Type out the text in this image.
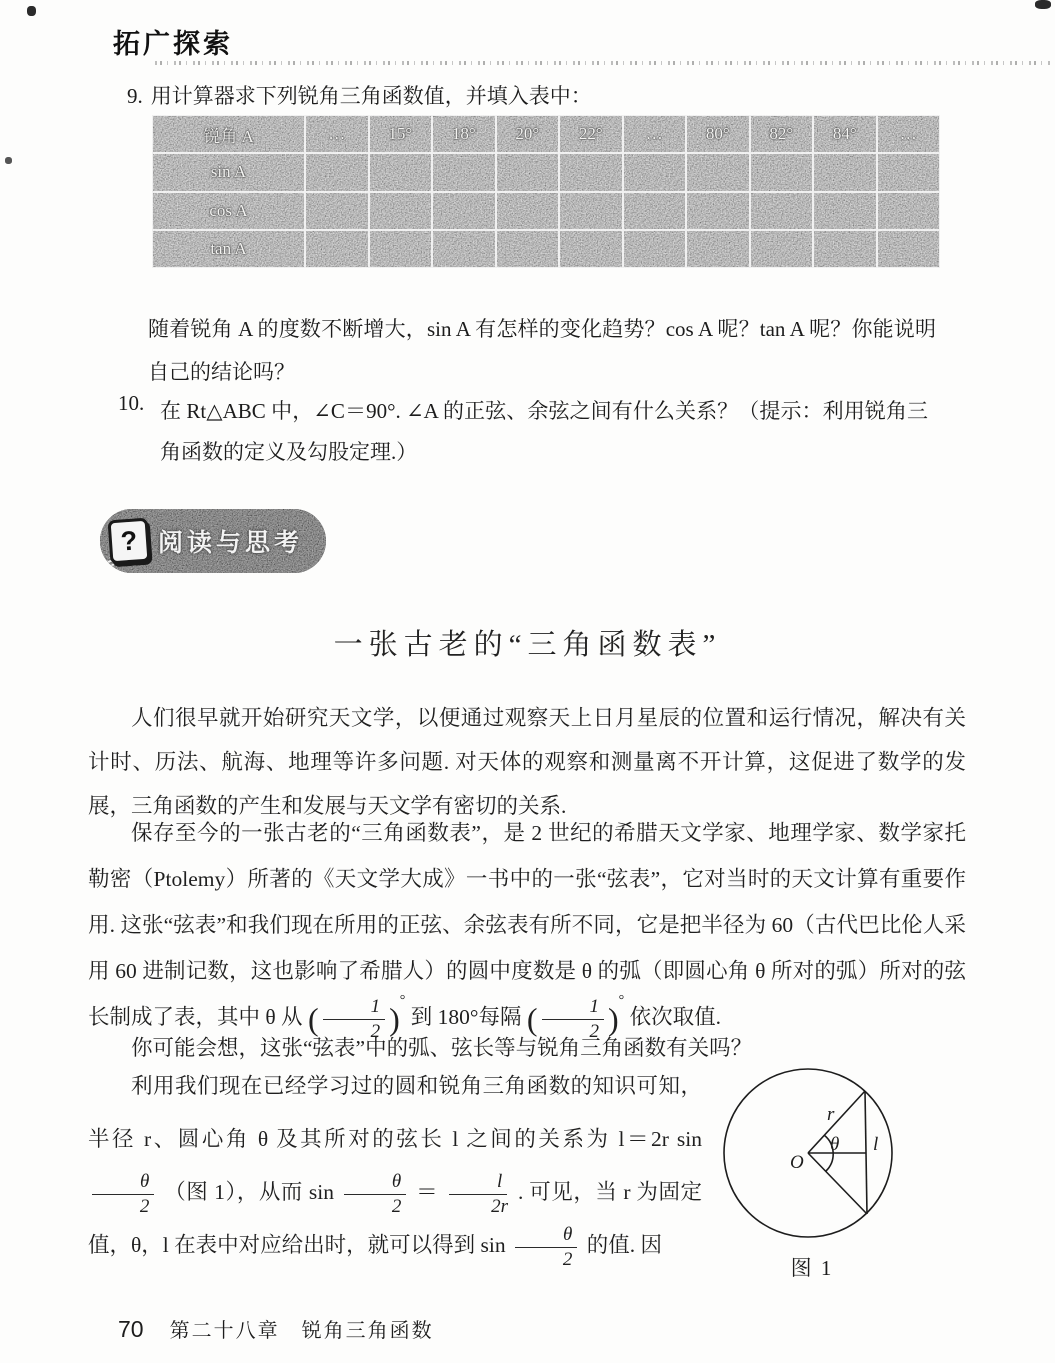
拓广探索
9. 用计算器求下列锐角三角函数值，并填入表中：
锐角 A	…	15° 18° 20° 22°	…	80° 82° 84°	…
sin A
cos A
tan A
随着锐角 A 的度数不断增大，sin A 有怎样的变化趋势？cos A 呢？tan A 呢？你能说明自己的结论吗？
10. 在 Rt△ABC 中，∠C＝90°. ∠A 的正弦、余弦之间有什么关系？（提示：利用锐角三角函数的定义及勾股定理.）
? 阅读与思考
一张古老的“三角函数表”
人们很早就开始研究天文学，以便通过观察天上日月星辰的位置和运行情况，解决有关计时、历法、航海、地理等许多问题. 对天体的观察和测量离不开计算，这促进了数学的发展，三角函数的产生和发展与天文学有密切的关系.
保存至今的一张古老的“三角函数表”，是 2 世纪的希腊天文学家、地理学家、数学家托勒密（Ptolemy）所著的《天文学大成》一书中的一张“弦表”，它对当时的天文计算有重要作用. 这张“弦表”和我们现在所用的正弦、余弦表有所不同，它是把半径为 60（古代巴比伦人采用 60 进制记数，这也影响了希腊人）的圆中度数是 θ 的弧（即圆心角 θ 所对的弧）所对的弦长制成了表，其中 θ 从 ( $\frac{1}{2} )^\circ$ 到 180°每隔 ( $\frac{1}{2} )^\circ$ 依次取值.
你可能会想，这张“弦表”中的弧、弦长等与锐角三角函数有关吗？
利用我们现在已经学习过的圆和锐角三角函数的知识可知，半径 r、圆心角 θ 及其所对的弦长 l 之间的关系为 l＝2r sin
$\frac{\theta}{2}$ （图 1），从而 $\sin \frac{\theta}{2} = \frac{l}{2r}$ . 可见，当 r 为固定值，θ，l 在表中对应给出时，就可以得到 $\sin \frac{\theta}{2}$ 的值. 因
r
θ l
O
图 1
70 第二十八章　锐角三角函数
